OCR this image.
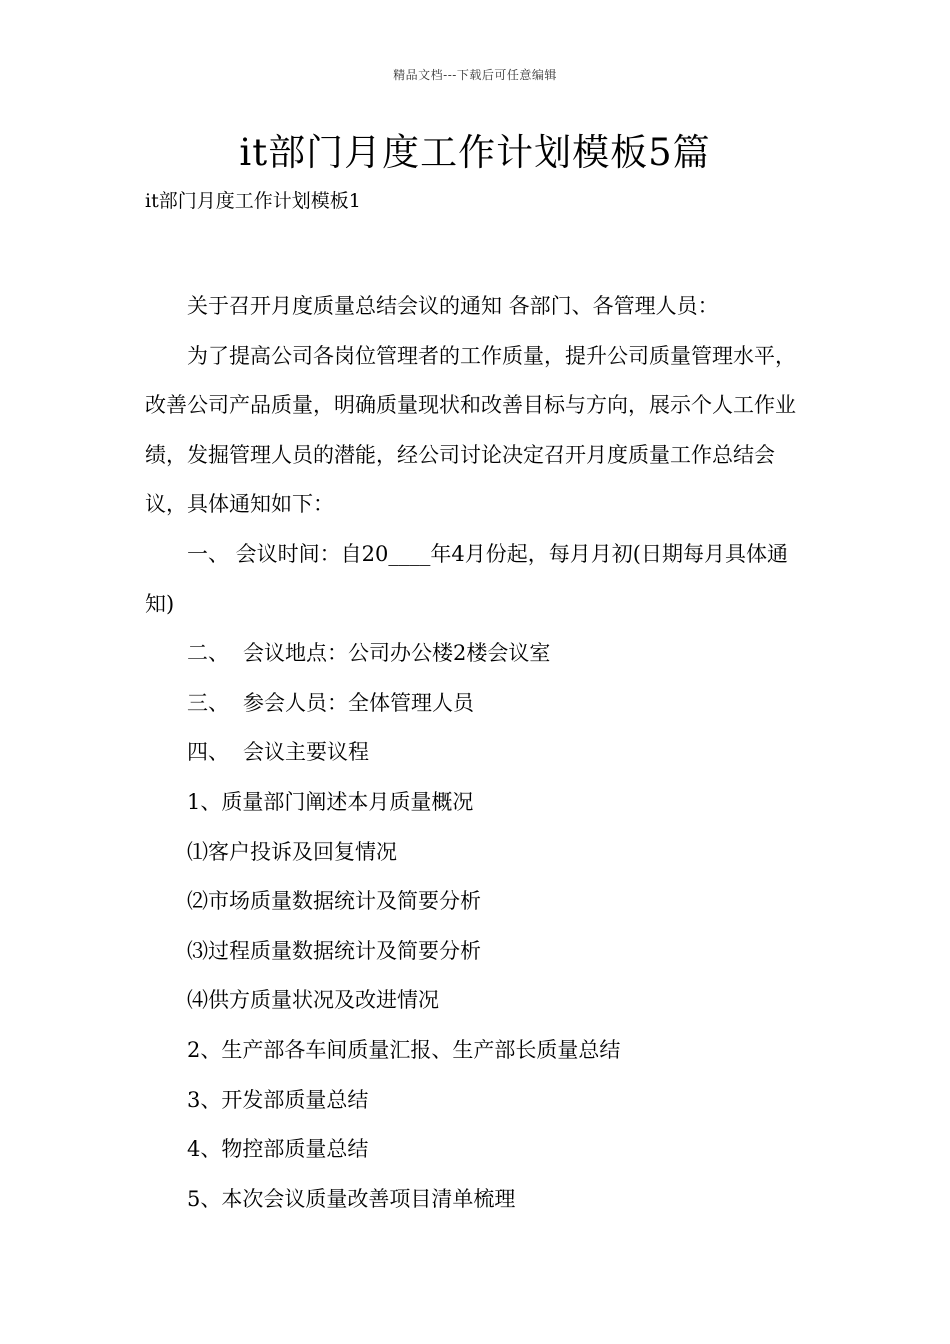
精品文档---下载后可任意编辑
it部门月度工作计划模板5篇
it部门月度工作计划模板1

关于召开月度质量总结会议的通知 各部门、各管理人员：

为了提高公司各岗位管理者的工作质量，提升公司质量管理水平，改善公司产品质量，明确质量现状和改善目标与方向，展示个人工作业绩，发掘管理人员的潜能，经公司讨论决定召开月度质量工作总结会议，具体通知如下：

一、 会议时间：自20____年4月份起，每月月初(日期每月具体通知)

二、 会议地点：公司办公楼2楼会议室

三、 参会人员：全体管理人员

四、 会议主要议程

1、质量部门阐述本月质量概况

⑴客户投诉及回复情况

⑵市场质量数据统计及简要分析

⑶过程质量数据统计及简要分析

⑷供方质量状况及改进情况

2、生产部各车间质量汇报、生产部长质量总结

3、开发部质量总结

4、物控部质量总结

5、本次会议质量改善项目清单梳理
